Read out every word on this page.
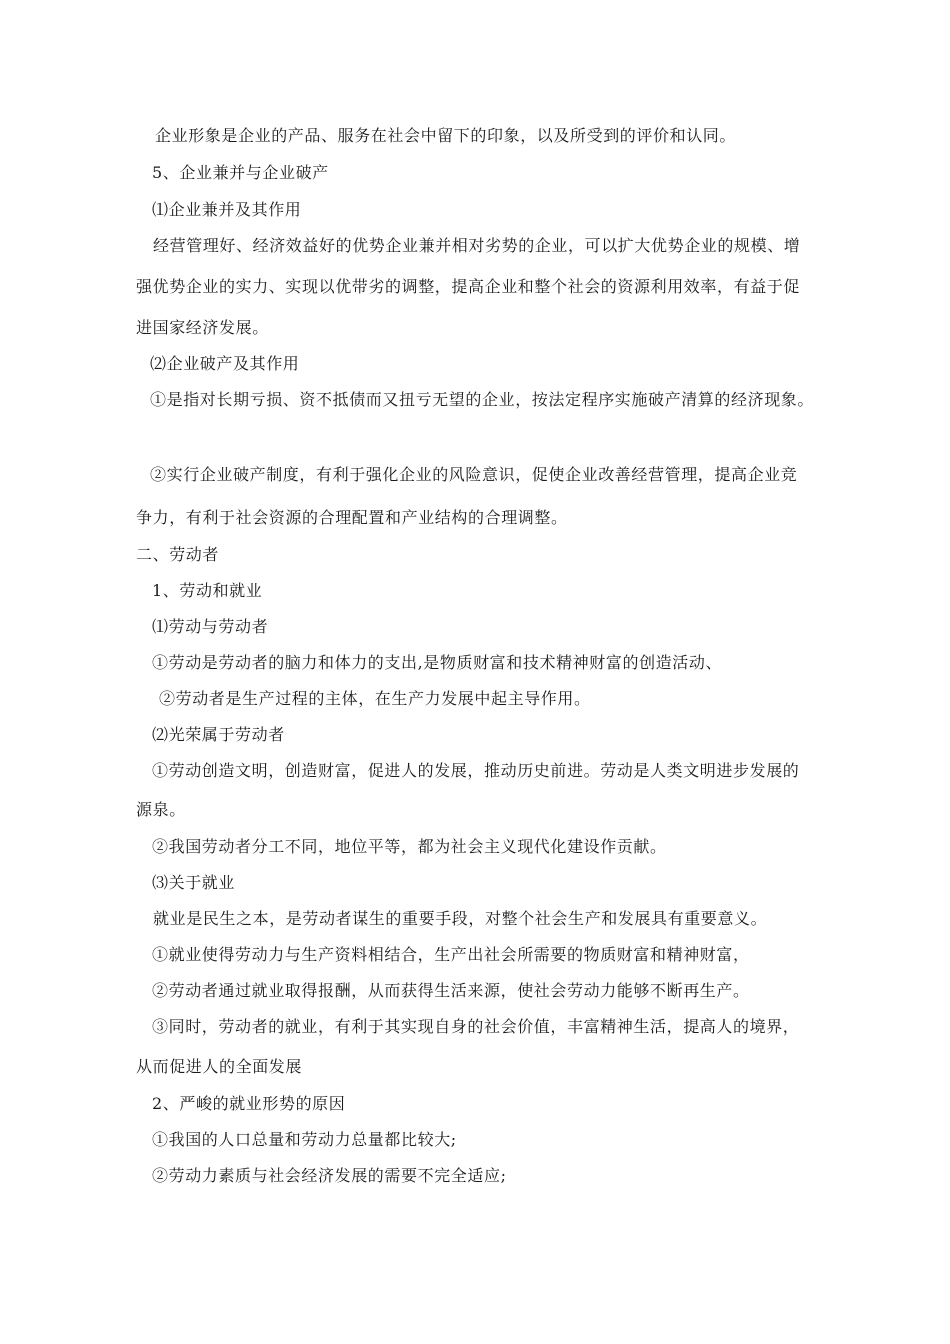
企业形象是企业的产品、服务在社会中留下的印象，以及所受到的评价和认同。
5、企业兼并与企业破产
⑴企业兼并及其作用
经营管理好、经济效益好的优势企业兼并相对劣势的企业，可以扩大优势企业的规模、增
强优势企业的实力、实现以优带劣的调整，提高企业和整个社会的资源利用效率，有益于促
进国家经济发展。
⑵企业破产及其作用
①是指对长期亏损、资不抵债而又扭亏无望的企业，按法定程序实施破产清算的经济现象。
②实行企业破产制度，有利于强化企业的风险意识，促使企业改善经营管理，提高企业竞
争力，有利于社会资源的合理配置和产业结构的合理调整。
二、劳动者
1、劳动和就业
⑴劳动与劳动者
①劳动是劳动者的脑力和体力的支出,是物质财富和技术精神财富的创造活动、
②劳动者是生产过程的主体，在生产力发展中起主导作用。
⑵光荣属于劳动者
①劳动创造文明，创造财富，促进人的发展，推动历史前进。劳动是人类文明进步发展的
源泉。
②我国劳动者分工不同，地位平等，都为社会主义现代化建设作贡献。
⑶关于就业
就业是民生之本，是劳动者谋生的重要手段，对整个社会生产和发展具有重要意义。
①就业使得劳动力与生产资料相结合，生产出社会所需要的物质财富和精神财富，
②劳动者通过就业取得报酬，从而获得生活来源，使社会劳动力能够不断再生产。
③同时，劳动者的就业，有利于其实现自身的社会价值，丰富精神生活，提高人的境界，
从而促进人的全面发展
2、严峻的就业形势的原因
①我国的人口总量和劳动力总量都比较大;
②劳动力素质与社会经济发展的需要不完全适应;
